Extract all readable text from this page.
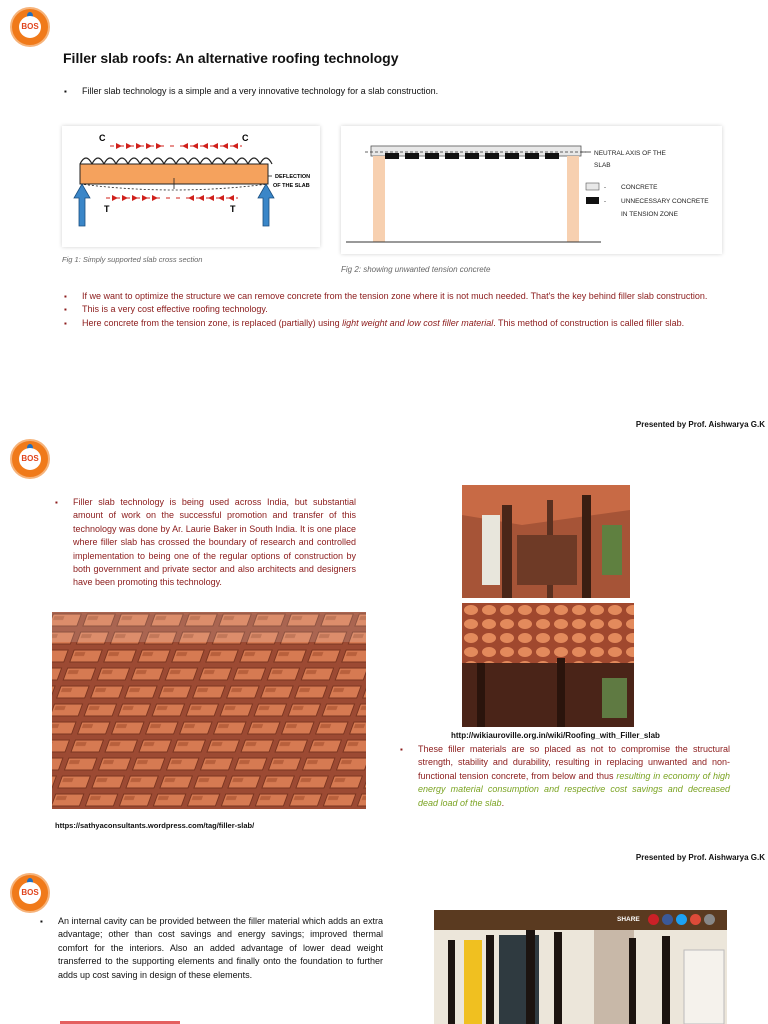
BOS
Filler slab roofs: An alternative roofing technology
▪ Filler slab technology is a simple and a very innovative technology for a slab construction.
C	C
DEFLECTION
OF THE SLAB
T	T
Fig 1: Simply supported slab cross section
NEUTRAL AXIS OF THE
SLAB
- CONCRETE
- UNNECESSARY CONCRETE
IN TENSION ZONE
Fig 2: showing unwanted tension concrete
▪ If we want to optimize the structure we can remove concrete from the tension zone where it is not much needed. That's the key behind filler slab construction.
▪ This is a very cost effective roofing technology.
▪ Here concrete from the tension zone, is replaced (partially) using light weight and low cost filler material. This method of construction is called filler slab.
Presented by Prof. Aishwarya G.K
BOS
▪ Filler slab technology is being used across India, but substantial amount of work on the successful promotion and transfer of this technology was done by Ar. Laurie Baker in South India. It is one place where filler slab has crossed the boundary of research and controlled implementation to being one of the regular options of construction by both government and private sector and also architects and designers have been promoting this technology.
https://sathyaconsultants.wordpress.com/tag/filler-slab/
http://wikiauroville.org.in/wiki/Roofing_with_Filler_slab
▪ These filler materials are so placed as not to compromise the structural strength, stability and durability, resulting in replacing unwanted and non-functional tension concrete, from below and thus resulting in economy of high energy material consumption and respective cost savings and decreased dead load of the slab.
Presented by Prof. Aishwarya G.K
BOS
▪ An internal cavity can be provided between the filler material which adds an extra advantage; other than cost savings and energy savings; improved thermal comfort for the interiors. Also an added advantage of lower dead weight transferred to the supporting elements and finally onto the foundation to further adds up cost saving in design of these elements.
SHARE
